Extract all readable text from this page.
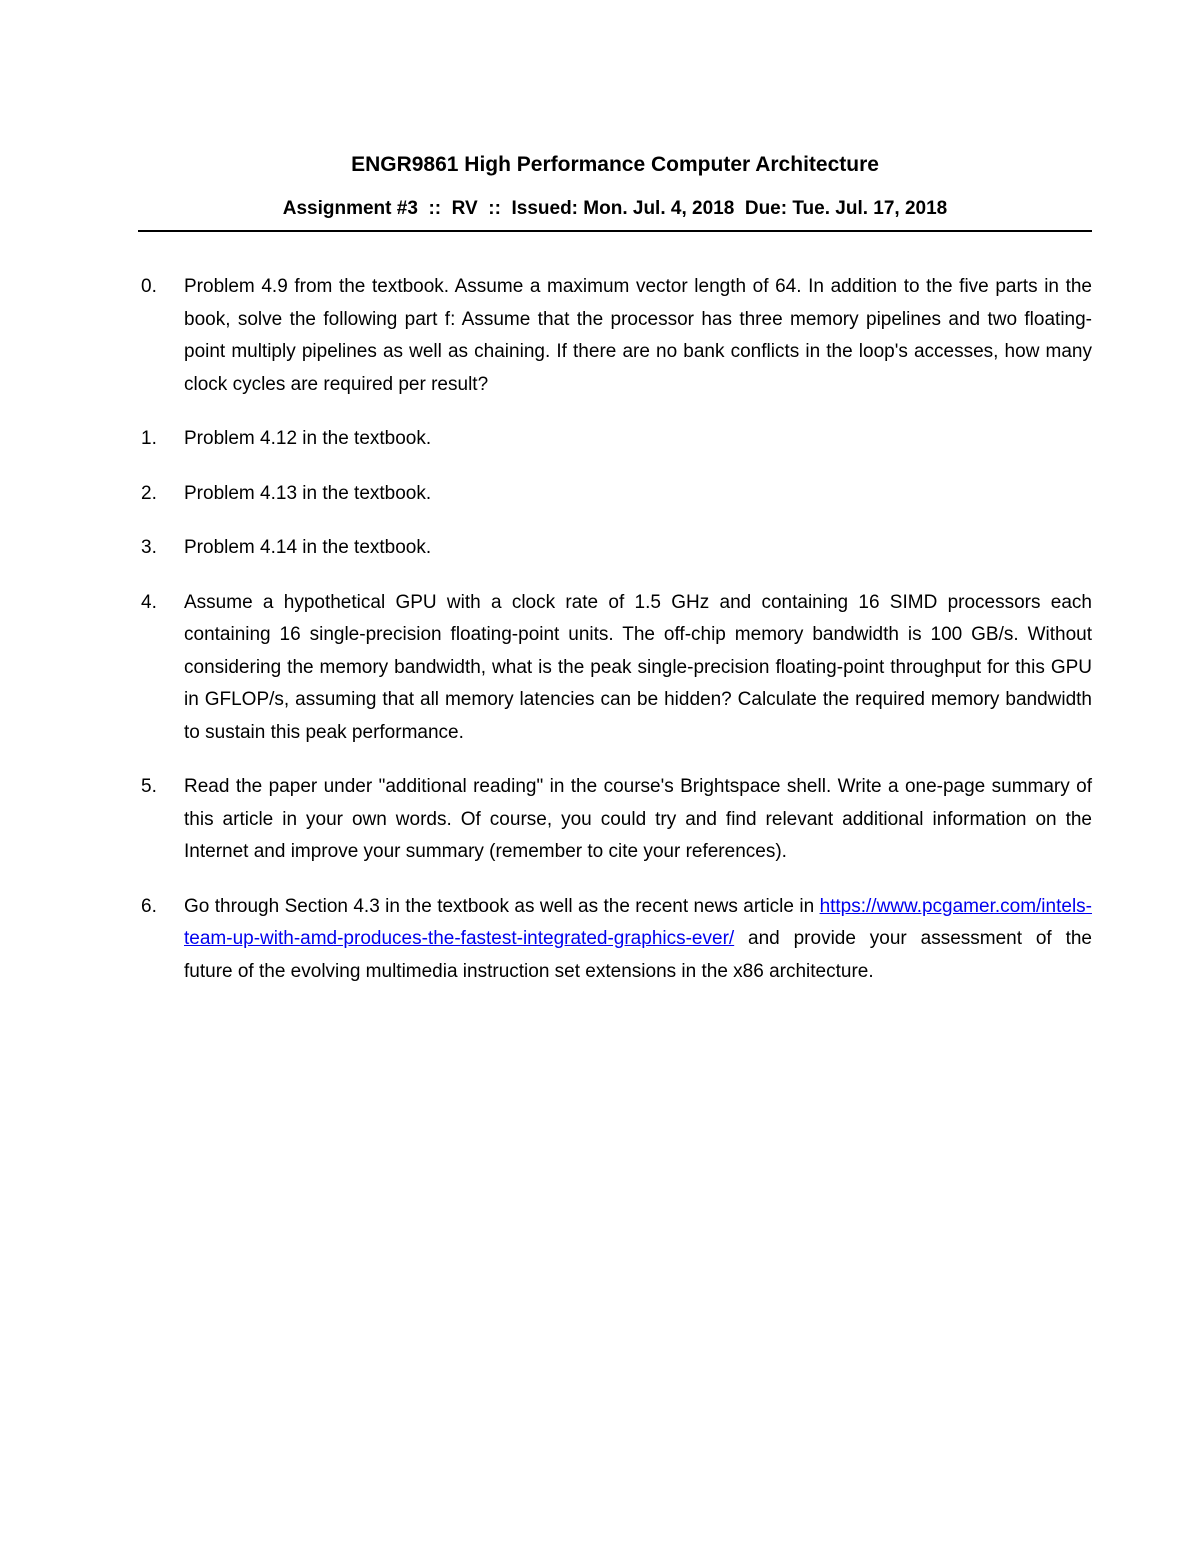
ENGR9861 High Performance Computer Architecture
Assignment #3  ::  RV  ::  Issued: Mon. Jul. 4, 2018  Due: Tue. Jul. 17, 2018
0. Problem 4.9 from the textbook. Assume a maximum vector length of 64. In addition to the five parts in the book, solve the following part f: Assume that the processor has three memory pipelines and two floating-point multiply pipelines as well as chaining. If there are no bank conflicts in the loop's accesses, how many clock cycles are required per result?
1. Problem 4.12 in the textbook.
2. Problem 4.13 in the textbook.
3. Problem 4.14 in the textbook.
4. Assume a hypothetical GPU with a clock rate of 1.5 GHz and containing 16 SIMD processors each containing 16 single-precision floating-point units. The off-chip memory bandwidth is 100 GB/s. Without considering the memory bandwidth, what is the peak single-precision floating-point throughput for this GPU in GFLOP/s, assuming that all memory latencies can be hidden? Calculate the required memory bandwidth to sustain this peak performance.
5. Read the paper under "additional reading" in the course's Brightspace shell. Write a one-page summary of this article in your own words. Of course, you could try and find relevant additional information on the Internet and improve your summary (remember to cite your references).
6. Go through Section 4.3 in the textbook as well as the recent news article in https://www.pcgamer.com/intels-team-up-with-amd-produces-the-fastest-integrated-graphics-ever/ and provide your assessment of the future of the evolving multimedia instruction set extensions in the x86 architecture.
